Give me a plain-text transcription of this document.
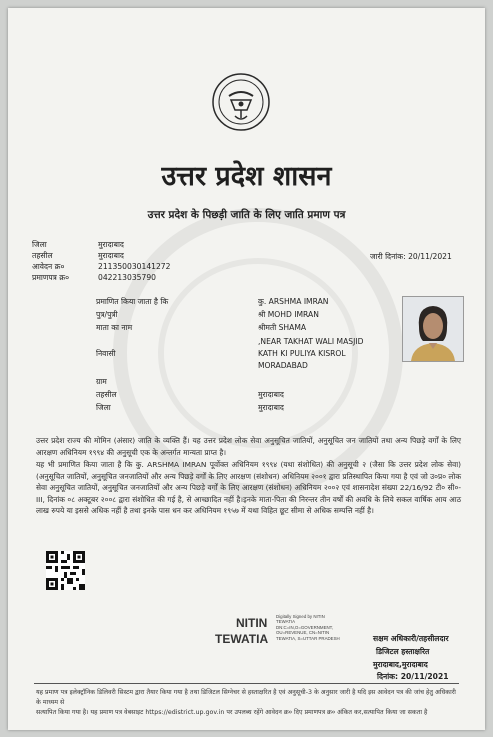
उत्तर प्रदेश शासन
उत्तर प्रदेश के पिछड़ी जाति के लिए जाति प्रमाण पत्र
जिला	मुरादाबाद
तहसील	मुरादाबाद
आवेदन क्र०	211350030141272
प्रमाणपत्र क्र०	042213035790
जारी दिनांक: 20/11/2021
प्रमाणित किया जाता है कि	कु. ARSHMA IMRAN
पुत्र/पुत्री	श्री MOHD IMRAN
माता का नाम	श्रीमती SHAMA
,NEAR TAKHAT WALI MASJID
निवासी	KATH KI PULIYA KISROL
MORADABAD
ग्राम
तहसील	मुरादाबाद
जिला	मुरादाबाद
उत्तर प्रदेश राज्य की मोमिन (अंसार) जाति के व्यक्ति हैं। यह उत्तर प्रदेश लोक सेवा अनुसूचित जातियों, अनुसूचित जन जातियों तथा अन्य पिछड़े वर्गों के लिए आरक्षण अधिनियम १९९४ की अनुसूची एक के अन्तर्गत मान्यता प्राप्त है।
यह भी प्रमाणित किया जाता है कि कु. ARSHMA IMRAN पूर्वोक्त अधिनियम १९९४ (यथा संशोधित) की अनुसूची २ (जैसा कि उत्तर प्रदेश लोक सेवा)(अनुसूचित जातियों, अनुसूचित जनजातियों और अन्य पिछड़े वर्गों के लिए आरक्षण (संशोधन) अधिनियम २००१ द्वारा प्रतिस्थापित किया गया है एवं जो उ०प्र० लोक सेवा अनुसूचित जातियों, अनुसूचित जनजातियों और अन्य पिछड़े वर्गों के लिए आरक्षण (संशोधन) अधिनियम २००२ एवं शासनादेश संख्या 22/16/92 टी० सी०-III, दिनांक ०८ अक्टूबर २००८ द्वारा संशोधित की गई है, से आच्छादित नहीं है।इनके माता-पिता की निरन्तर तीन वर्षों की अवधि के लिये सकल वार्षिक आय आठ लाख रुपये या इससे अधिक नहीं है तथा इनके पास धन कर अधिनियम १९५७ में यथा विहित छूट सीमा से अधिक सम्पत्ति नहीं है।
NITIN
TEWATIA
Digitally Signed by NITIN TEWATIA DN:C=IN,O=GOVERNMENT, OU=REVENUE, CN=NITIN TEWATIA, S=UTTAR PRADESH	सक्षम अधिकारी/तहसीलदार
डिजिटल हस्ताक्षरित
मुरादाबाद,मुरादाबाद
दिनांक: 20/11/2021
यह प्रमाण पत्र इलेक्ट्रॉनिक डिलिवरी सिस्टम द्वारा तैयार किया गया है तथा डिजिटल सिग्नेचर से हस्ताक्षरित है एवं अनुसूची-3 के अनुसार जारी है यदि इस आवेदन पत्र की जांच हेतु अधिकारी के माध्यम से
सत्यापित किया गया है। यह प्रमाण पत्र वेबसाइट https://edistrict.up.gov.in पर उपलब्ध रहेंगे आवेदन क्र० दिए प्रमाणपत्र क्र० अंकित कर,सत्यापित किया जा सकता है
